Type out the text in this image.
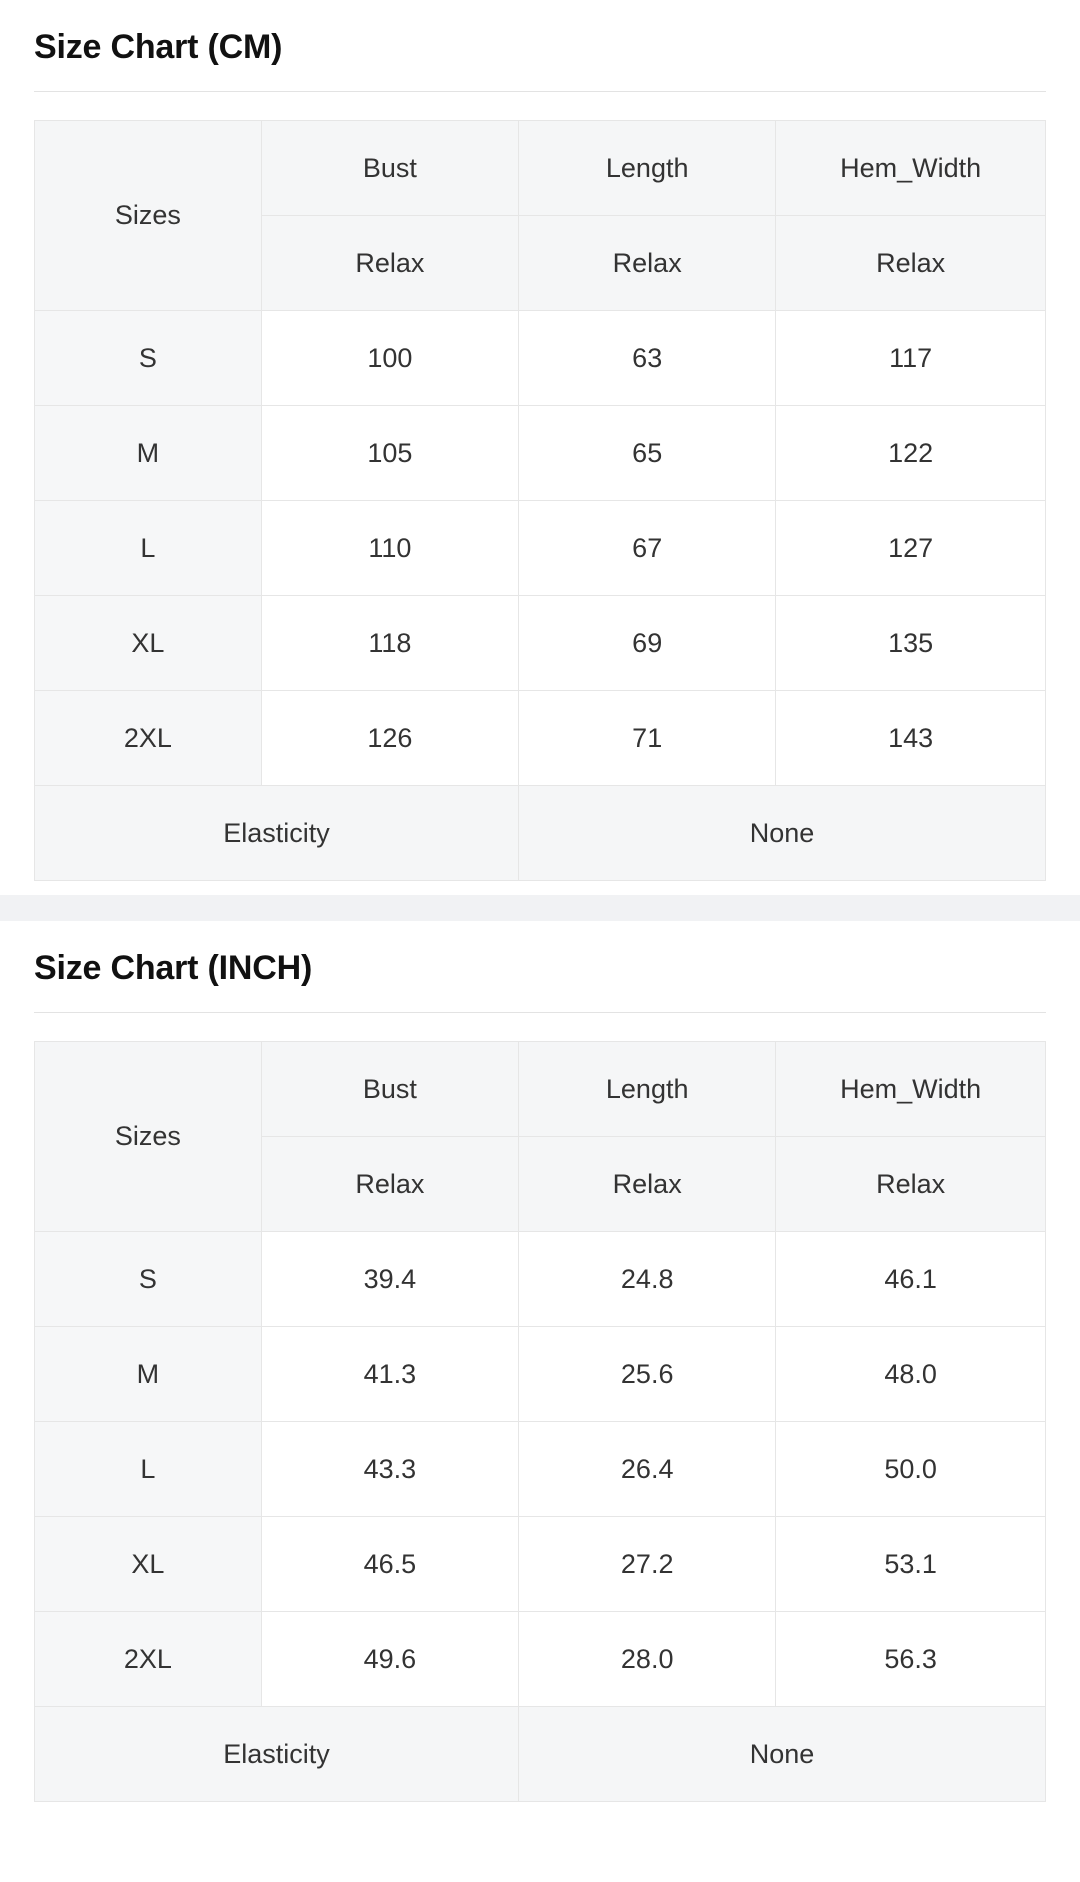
Size Chart (CM)
Sizes	Bust	Length	Hem_Width
	Relax	Relax	Relax
S	100	63	117
M	105	65	122
L	110	67	127
XL	118	69	135
2XL	126	71	143
Elasticity		None	
Size Chart (INCH)
Sizes	Bust	Length	Hem_Width
	Relax	Relax	Relax
S	39.4	24.8	46.1
M	41.3	25.6	48.0
L	43.3	26.4	50.0
XL	46.5	27.2	53.1
2XL	49.6	28.0	56.3
Elasticity		None	
